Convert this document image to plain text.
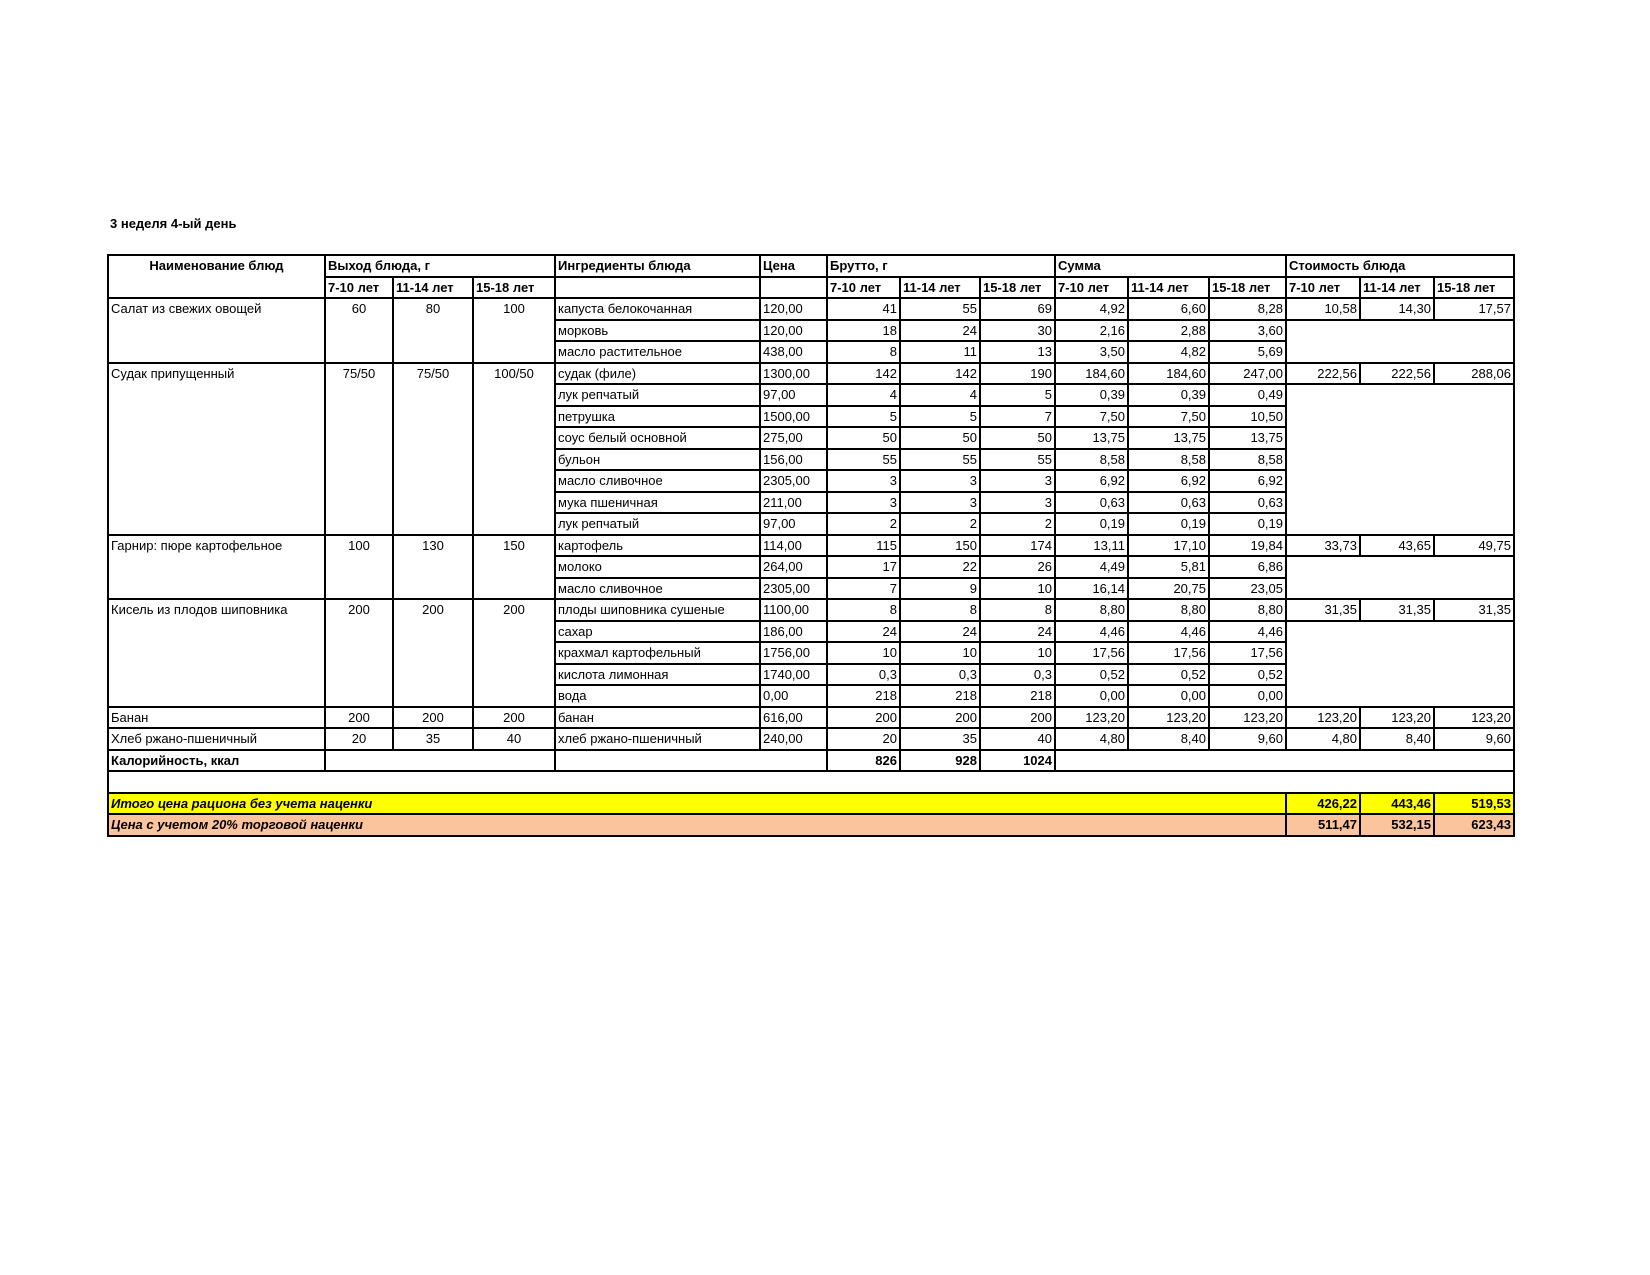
3 неделя 4-ый день
Наименование блюд	Выход блюда, г			Ингредиенты блюда	Цена	Брутто, г			Сумма			Стоимость блюда		
	7-10 лет	11-14 лет	15-18 лет			7-10 лет	11-14 лет	15-18 лет	7-10 лет	11-14 лет	15-18 лет	7-10 лет	11-14 лет	15-18 лет
Салат из свежих овощей	60	80	100	капуста белокочанная	120,00	41	55	69	4,92	6,60	8,28	10,58	14,30	17,57
				морковь	120,00	18	24	30	2,16	2,88	3,60			
				масло растительное	438,00	8	11	13	3,50	4,82	5,69			
Судак припущенный	75/50	75/50	100/50	судак (филе)	1300,00	142	142	190	184,60	184,60	247,00	222,56	222,56	288,06
				лук репчатый	97,00	4	4	5	0,39	0,39	0,49			
				петрушка	1500,00	5	5	7	7,50	7,50	10,50			
				соус белый основной	275,00	50	50	50	13,75	13,75	13,75			
				бульон	156,00	55	55	55	8,58	8,58	8,58			
				масло сливочное	2305,00	3	3	3	6,92	6,92	6,92			
				мука пшеничная	211,00	3	3	3	0,63	0,63	0,63			
				лук репчатый	97,00	2	2	2	0,19	0,19	0,19			
Гарнир: пюре картофельное	100	130	150	картофель	114,00	115	150	174	13,11	17,10	19,84	33,73	43,65	49,75
				молоко	264,00	17	22	26	4,49	5,81	6,86			
				масло сливочное	2305,00	7	9	10	16,14	20,75	23,05			
Кисель из плодов шиповника	200	200	200	плоды шиповника сушеные	1100,00	8	8	8	8,80	8,80	8,80	31,35	31,35	31,35
				сахар	186,00	24	24	24	4,46	4,46	4,46			
				крахмал картофельный	1756,00	10	10	10	17,56	17,56	17,56			
				кислота лимонная	1740,00	0,3	0,3	0,3	0,52	0,52	0,52			
				вода	0,00	218	218	218	0,00	0,00	0,00			
Банан	200	200	200	банан	616,00	200	200	200	123,20	123,20	123,20	123,20	123,20	123,20
Хлеб ржано-пшеничный	20	35	40	хлеб ржано-пшеничный	240,00	20	35	40	4,80	8,40	9,60	4,80	8,40	9,60
Калорийность, ккал						826	928	1024						

Итого цена рациона без учета наценки												426,22	443,46	519,53
Цена с учетом 20% торговой наценки												511,47	532,15	623,43
